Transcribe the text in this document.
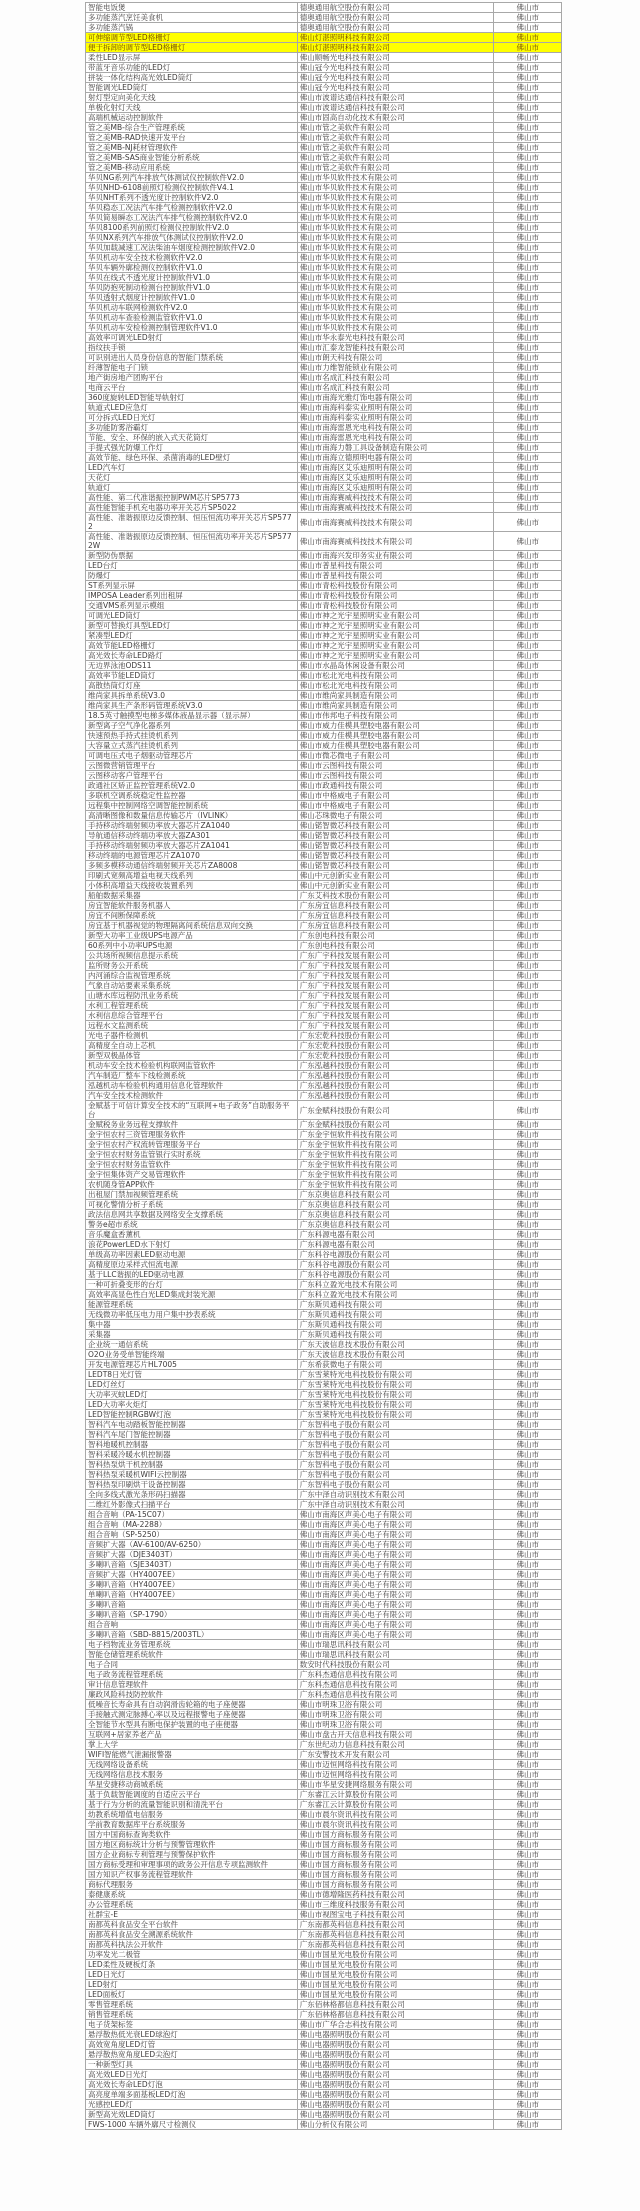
智能电饭煲	德奥通用航空股份有限公司	佛山市
多功能蒸汽烹饪美食机	德奥通用航空股份有限公司	佛山市
多功能蒸汽锅	德奥通用航空股份有限公司	佛山市
可伸缩调节型LED格栅灯	佛山灯湛照明科技有限公司	佛山市
便于拆卸的调节型LED格栅灯	佛山灯湛照明科技有限公司	佛山市
柔性LED显示屏	佛山顺畅光电科技有限公司	佛山市
带蓝牙音乐功能的LED灯	佛山冠今光电科技有限公司	佛山市
拼装一体化结构高光效LED筒灯	佛山冠今光电科技有限公司	佛山市
智能调光LED筒灯	佛山冠今光电科技有限公司	佛山市
射灯型定向美化天线	佛山市波谱达通信科技有限公司	佛山市
单极化射灯天线	佛山市波谱达通信科技有限公司	佛山市
高端机械运动控制软件	佛山市固高自动化技术有限公司	佛山市
管之美MB-综合生产管理系统	佛山市管之美软件有限公司	佛山市
管之美MB-RAD快速开发平台	佛山市管之美软件有限公司	佛山市
管之美MB-NJ耗材管理软件	佛山市管之美软件有限公司	佛山市
管之美MB-SAS商业智能分析系统	佛山市管之美软件有限公司	佛山市
管之美MB-移动应用系统	佛山市管之美软件有限公司	佛山市
华贝NG系列汽车排放气体测试仪控制软件V2.0	佛山市华贝软件技术有限公司	佛山市
华贝NHD-6108前照灯检测仪控制软件V4.1	佛山市华贝软件技术有限公司	佛山市
华贝NHT系列不透光度计控制软件V2.0	佛山市华贝软件技术有限公司	佛山市
华贝稳态工况法汽车排气检测控制软件V2.0	佛山市华贝软件技术有限公司	佛山市
华贝简易瞬态工况法汽车排气检测控制软件V2.0	佛山市华贝软件技术有限公司	佛山市
华贝8100系列前照灯检测仪控制软件V2.0	佛山市华贝软件技术有限公司	佛山市
华贝NX系列汽车排放气体测试仪控制软件V2.0	佛山市华贝软件技术有限公司	佛山市
华贝加载减速工况法柴油车烟度检测控制软件V2.0	佛山市华贝软件技术有限公司	佛山市
华贝机动车安全技术检测软件V2.0	佛山市华贝软件技术有限公司	佛山市
华贝车辆外廓检测仪控制软件V1.0	佛山市华贝软件技术有限公司	佛山市
华贝在线式不透光度计控制软件V1.0	佛山市华贝软件技术有限公司	佛山市
华贝防抱死制动检测台控制软件V1.0	佛山市华贝软件技术有限公司	佛山市
华贝透射式烟度计控制软件V1.0	佛山市华贝软件技术有限公司	佛山市
华贝机动车联网检测软件V2.0	佛山市华贝软件技术有限公司	佛山市
华贝机动车查验检测监管软件V1.0	佛山市华贝软件技术有限公司	佛山市
华贝机动车安检检测控制管理软件V1.0	佛山市华贝软件技术有限公司	佛山市
高效率可调光LED射灯	佛山市华永泰光电科技有限公司	佛山市
指纹扶手锁	佛山市汇泰龙智能科技有限公司	佛山市
可识别进出人员身份信息的智能门禁系统	佛山市朗天科技有限公司	佛山市
纤薄智能电子门锁	佛山市力维智能锁业有限公司	佛山市
地产街房地产团购平台	佛山市名成汇科技有限公司	佛山市
电商云平台	佛山市名成汇科技有限公司	佛山市
360度旋转LED智能导轨射灯	佛山市南海光雅灯饰电器有限公司	佛山市
轨道式LED应急灯	佛山市南海科泰实业照明有限公司	佛山市
可分拆式LED日光灯	佛山市南海科泰实业照明有限公司	佛山市
多功能防雾浴霸灯	佛山市南海雷恩光电科技有限公司	佛山市
节能、安全、环保的嵌入式天花筒灯	佛山市南海雷恩光电科技有限公司	佛山市
手提式强光防爆工作灯	佛山市南海力磐工具设备制造有限公司	佛山市
高效节能、绿色环保、杀菌消毒的LED壁灯	佛山市南海立德照明电器有限公司	佛山市
LED汽车灯	佛山市南海区艾乐迪照明有限公司	佛山市
天花灯	佛山市南海区艾乐迪照明有限公司	佛山市
轨道灯	佛山市南海区艾乐迪照明有限公司	佛山市
高性能、第二代准谐振控制PWM芯片SP5773	佛山市南海赛威科技技术有限公司	佛山市
高性能智能手机充电器功率开关芯片SP5022	佛山市南海赛威科技技术有限公司	佛山市
高性能、准谐振原边反馈控制、恒压恒流功率开关芯片SP5772	佛山市南海赛威科技技术有限公司	佛山市
高性能、准谐振原边反馈控制、恒压恒流功率开关芯片SP5772W	佛山市南海赛威科技技术有限公司	佛山市
新型防伪票据	佛山市南海兴发印务实业有限公司	佛山市
LED台灯	佛山市普星科技有限公司	佛山市
防爆灯	佛山市普星科技有限公司	佛山市
ST系列显示屏	佛山市青松科技股份有限公司	佛山市
IMPOSA Leader系列出租屏	佛山市青松科技股份有限公司	佛山市
交通VMS系列显示模组	佛山市青松科技股份有限公司	佛山市
可调光LED筒灯	佛山市神之光宇星照明实业有限公司	佛山市
新型可替换灯具型LED灯	佛山市神之光宇星照明实业有限公司	佛山市
紧凑型LED灯	佛山市神之光宇星照明实业有限公司	佛山市
高效节能LED格栅灯	佛山市神之光宇星照明实业有限公司	佛山市
高光效长寿命LED路灯	佛山市神之光宇星照明实业有限公司	佛山市
无边界泳池ODS11	佛山市水晶岛休闲设备有限公司	佛山市
高效率节能LED筒灯	佛山市松北光电科技有限公司	佛山市
高散热筒灯灯座	佛山市松北光电科技有限公司	佛山市
维尚家具拆单系统V3.0	佛山市维尚家具制造有限公司	佛山市
维尚家具生产条形码管理系统V3.0	佛山市维尚家具制造有限公司	佛山市
18.5英寸触摸型电梯多媒体液晶显示器（显示屏）	佛山市伟邦电子科技有限公司	佛山市
新型离子空气净化器系列	佛山市威力佳模具塑胶电器有限公司	佛山市
快速预热手持式挂烫机系列	佛山市威力佳模具塑胶电器有限公司	佛山市
大容量立式蒸汽挂烫机系列	佛山市威力佳模具塑胶电器有限公司	佛山市
可调电压式电子烟驱动管理芯片	佛山市微芯微电子有限公司	佛山市
云图微营销管理平台	佛山市云图科技有限公司	佛山市
云图移动客户管理平台	佛山市云图科技有限公司	佛山市
政通社区矫正监控管理系统V2.0	佛山市政通科技有限公司	佛山市
多联机空调系统稳定性监控器	佛山市中格威电子有限公司	佛山市
远程集中控制网络空调智能控制系统	佛山市中格威电子有限公司	佛山市
高清晰图像和数量信息传输芯片（IVLINK）	佛山芯珠微电子有限公司	佛山市
手持移动终端射频功率放大器芯片ZA1040	佛山锘智微芯科技有限公司	佛山市
导航通信移动终端功率放大器ZA301	佛山锘智微芯科技有限公司	佛山市
手持移动终端射频功率放大器芯片ZA1041	佛山锘智微芯科技有限公司	佛山市
移动终端的电源管理芯片ZA1070	佛山锘智微芯科技有限公司	佛山市
多频多模移动通信终端射频开关芯片ZA8008	佛山锘智微芯科技有限公司	佛山市
印刷式宽频高增益电视天线系列	佛山中元创新实业有限公司	佛山市
小体积高增益天线接收装置系列	佛山中元创新实业有限公司	佛山市
船舶数据采集器	广东艾科技术股份有限公司	佛山市
房宜智能软件服务机器人	广东房宜信息科技有限公司	佛山市
房宜不间断保障系统	广东房宜信息科技有限公司	佛山市
房宜基于机器视觉的物理隔离间系统信息双向交换	广东房宜信息科技有限公司	佛山市
新型大功率工业级UPS电源产品	广东创电科技有限公司	佛山市
60系列中小功率UPS电源	广东创电科技有限公司	佛山市
公共场所视频信息提示系统	广东广宇科技发展有限公司	佛山市
监所财务公开系统	广东广宇科技发展有限公司	佛山市
内河涌综合监视管理系统	广东广宇科技发展有限公司	佛山市
气象自动站要素采集系统	广东广宇科技发展有限公司	佛山市
山塘水库远程防汛业务系统	广东广宇科技发展有限公司	佛山市
水利工程管理系统	广东广宇科技发展有限公司	佛山市
水利信息综合管理平台	广东广宇科技发展有限公司	佛山市
远程水文监测系统	广东广宇科技发展有限公司	佛山市
光电子器件检测机	广东宏乾科技股份有限公司	佛山市
高精度全自动上芯机	广东宏乾科技股份有限公司	佛山市
新型双极晶体管	广东宏乾科技股份有限公司	佛山市
机动车安全技术检验机构联网监管软件	广东泓越科技股份有限公司	佛山市
汽车制造厂整车下线检测系统	广东泓越科技股份有限公司	佛山市
泓越机动车检验机构通用信息化管理软件	广东泓越科技股份有限公司	佛山市
汽车安全技术检测软件	广东泓越科技股份有限公司	佛山市
金赋基于可信计算安全技术的“互联网+电子政务”自助服务平台	广东金赋科技股份有限公司	佛山市
金赋税务业务远程支撑软件	广东金赋科技股份有限公司	佛山市
金宇恒农村三资管理服务软件	广东金宇恒软件科技有限公司	佛山市
金宇恒农村产权流转管理服务平台	广东金宇恒软件科技有限公司	佛山市
金宇恒农村财务监管银行实时系统	广东金宇恒软件科技有限公司	佛山市
金宇恒农村财务监管软件	广东金宇恒软件科技有限公司	佛山市
金宇恒集体资产交易管理软件	广东金宇恒软件科技有限公司	佛山市
农机随身管APP软件	广东金宇恒软件科技有限公司	佛山市
出租屋门禁加视频管理系统	广东京奥信息科技有限公司	佛山市
可视化警情分析子系统	广东京奥信息科技有限公司	佛山市
政法信息网共享数据及网络安全支撑系统	广东京奥信息科技有限公司	佛山市
警务e超市系统	广东京奥信息科技有限公司	佛山市
音乐魔盒香薰机	广东科源电器有限公司	佛山市
浪花PowerLED水下射灯	广东科源电器有限公司	佛山市
单级高功率因素LED驱动电源	广东科谷电源股份有限公司	佛山市
高精度原边采样式恒流电源	广东科谷电源股份有限公司	佛山市
基于LLC谐振的LED驱动电源	广东科谷电源股份有限公司	佛山市
一种可折叠变形的台灯	广东科立盈光电技术有限公司	佛山市
高效率高显色性白光LED集成封装光源	广东科立盈光电技术有限公司	佛山市
能源管理系统	广东斯贝通科技有限公司	佛山市
无线微功率低压电力用户集中抄表系统	广东斯贝通科技有限公司	佛山市
集中器	广东斯贝通科技有限公司	佛山市
采集器	广东斯贝通科技有限公司	佛山市
企业统一通信系统	广东天波信息技术股份有限公司	佛山市
O2O业务受单智能终端	广东天波信息技术股份有限公司	佛山市
开发电源管理芯片HL7005	广东希荻微电子有限公司	佛山市
LEDT8日光灯管	广东雪莱特光电科技股份有限公司	佛山市
LED灯丝灯	广东雪莱特光电科技股份有限公司	佛山市
大功率灭蚊LED灯	广东雪莱特光电科技股份有限公司	佛山市
LED大功率火炬灯	广东雪莱特光电科技股份有限公司	佛山市
LED智能控制RGBW灯泡	广东雪莱特光电科技股份有限公司	佛山市
智科汽车电动踏板智能控制器	广东智科电子股份有限公司	佛山市
智科汽车尾门智能控制器	广东智科电子股份有限公司	佛山市
智科地暖机控制器	广东智科电子股份有限公司	佛山市
智科采暖冷暖水机控制器	广东智科电子股份有限公司	佛山市
智科热泵烘干机控制器	广东智科电子股份有限公司	佛山市
智科热泵采暖机WIFI云控制器	广东智科电子股份有限公司	佛山市
智科热泵印刷烘干设备控制器	广东智科电子股份有限公司	佛山市
全向多线式激光条形码扫描器	广东中泽自动识别技术有限公司	佛山市
二维红外影像式扫描平台	广东中泽自动识别技术有限公司	佛山市
组合音响（PA-15C07）	佛山市南海区声美心电子有限公司	佛山市
组合音响（MA-2288）	佛山市南海区声美心电子有限公司	佛山市
组合音响（SP-5250）	佛山市南海区声美心电子有限公司	佛山市
音频扩大器（AV-6100/AV-6250）	佛山市南海区声美心电子有限公司	佛山市
音频扩大器（DJE3403T）	佛山市南海区声美心电子有限公司	佛山市
多喇叭音箱（SJE3403T）	佛山市南海区声美心电子有限公司	佛山市
音频扩大器（HY4007EE）	佛山市南海区声美心电子有限公司	佛山市
多喇叭音箱（HY4007EE）	佛山市南海区声美心电子有限公司	佛山市
单喇叭音箱（HY4007EE）	佛山市南海区声美心电子有限公司	佛山市
多喇叭音箱	佛山市南海区声美心电子有限公司	佛山市
多喇叭音箱（SP-1790）	佛山市南海区声美心电子有限公司	佛山市
组合音响	佛山市南海区声美心电子有限公司	佛山市
多喇叭音箱（SBD-8815/2003TL）	佛山市南海区声美心电子有限公司	佛山市
电子档物流业务管理系统	佛山市瑞思讯科技有限公司	佛山市
智能仓储管理系统软件	佛山市瑞思讯科技有限公司	佛山市
电子合同	数安时代科技股份有限公司	佛山市
电子政务流程管理系统	广东科杰通信息科技有限公司	佛山市
审计信息管理软件	广东科杰通信息科技有限公司	佛山市
廉政风险科技防控软件	广东科杰通信息科技有限公司	佛山市
低噪音长寿命具有自动润滑齿轮箱的电子座便器	佛山市明珠卫浴有限公司	佛山市
手接触式测定脉搏心率以及远程报警电子座便器	佛山市明珠卫浴有限公司	佛山市
全智能节水型具有断电保护装置的电子座便器	佛山市明珠卫浴有限公司	佛山市
互联网+居家养老产品	佛山市盘古开天信息科技有限公司	佛山市
掌上大学	广东世纪动力信息科技有限公司	佛山市
WIFI智能燃气泄漏报警器	广东安警技术开发有限公司	佛山市
无线网络设备系统	佛山市迈恒网络科技有限公司	佛山市
无线网络信息技术服务	佛山市迈恒网络科技有限公司	佛山市
华星安捷移动商城系统	佛山市华星安捷网络服务有限公司	佛山市
基于负载智能调度的自适应云平台	广东睿江云计算股份有限公司	佛山市
基于行为分析的流量智能识别和清洗平台	广东睿江云计算股份有限公司	佛山市
幼教系统增值电信服务	佛山市晨尔资讯科技有限公司	佛山市
学前教育数据库平台系统服务	佛山市晨尔资讯科技有限公司	佛山市
国方中国商标查询类软件	佛山市国方商标服务有限公司	佛山市
国方地区商标统计分析与预警管理软件	佛山市国方商标服务有限公司	佛山市
国方企业商标专利管理与预警保护软件	佛山市国方商标服务有限公司	佛山市
国方商标受理和审理事项的政务公开信息专项监测软件	佛山市国方商标服务有限公司	佛山市
国方知识产权事务流程管理软件	佛山市国方商标服务有限公司	佛山市
商标代理服务	佛山市国方商标服务有限公司	佛山市
泰健康系统	佛山市德增隆医药科技有限公司	佛山市
办公管理系统	佛山市三维度科技服务有限公司	佛山市
社群宝-E	佛山市视图宝电子科技有限公司	佛山市
南都英科食品安全平台软件	广东南都英科信息科技有限公司	佛山市
南都英科食品安全溯源系统软件	广东南都英科信息科技有限公司	佛山市
南都英科执法公开软件	广东南都英科信息科技有限公司	佛山市
功率发光二极管	佛山市国星光电股份有限公司	佛山市
LED柔性及硬板灯条	佛山市国星光电股份有限公司	佛山市
LED日光灯	佛山市国星光电股份有限公司	佛山市
LED射灯	佛山市国星光电股份有限公司	佛山市
LED面板灯	佛山市国星光电股份有限公司	佛山市
零售管理系统	广东佰林格都信息科技有限公司	佛山市
销售管理系统	广东佰林格都信息科技有限公司	佛山市
电子货架标签	佛山市广华合志科技有限公司	佛山市
悬浮散热低光衰LED球泡灯	佛山电器照明股份有限公司	佛山市
高效宽角度LED灯管	佛山电器照明股份有限公司	佛山市
悬浮散热宽角度LED尖泡灯	佛山电器照明股份有限公司	佛山市
一种新型灯具	佛山电器照明股份有限公司	佛山市
高光效LED日光灯	佛山电器照明股份有限公司	佛山市
高光效长寿命LED灯泡	佛山电器照明股份有限公司	佛山市
高亮度单端多面基板LED灯泡	佛山电器照明股份有限公司	佛山市
光感控LED灯	佛山电器照明股份有限公司	佛山市
新型高光效LED筒灯	佛山电器照明股份有限公司	佛山市
FWS-1000 车辆外廓尺寸检测仪	佛山分析仪有限公司	佛山市
